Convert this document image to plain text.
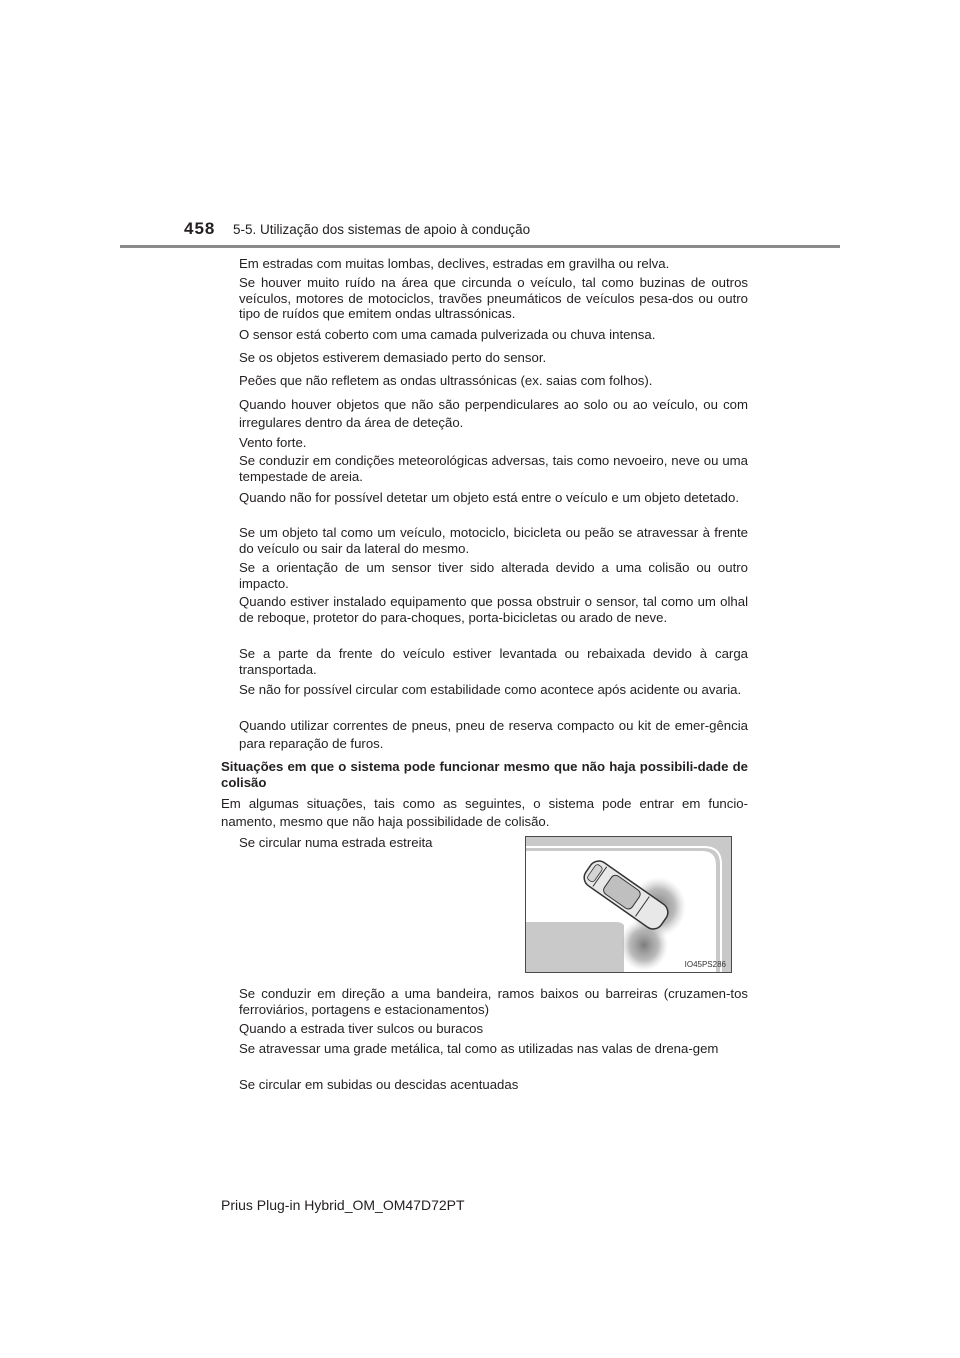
458 5-5. Utilização dos sistemas de apoio à condução

Em estradas com muitas lombas, declives, estradas em gravilha ou relva.

Se houver muito ruído na área que circunda o veículo, tal como buzinas de outros veículos, motores de motociclos, travões pneumáticos de veículos pesa-dos ou outro tipo de ruídos que emitem ondas ultrassónicas.

O sensor está coberto com uma camada pulverizada ou chuva intensa.

Se os objetos estiverem demasiado perto do sensor.

Peões que não refletem as ondas ultrassónicas (ex. saias com folhos).

Quando houver objetos que não são perpendiculares ao solo ou ao veículo, ou com irregulares dentro da área de deteção.

Vento forte.

Se conduzir em condições meteorológicas adversas, tais como nevoeiro, neve ou uma tempestade de areia.

Quando não for possível detetar um objeto está entre o veículo e um objeto detetado.

Se um objeto tal como um veículo, motociclo, bicicleta ou peão se atravessar à frente do veículo ou sair da lateral do mesmo.

Se a orientação de um sensor tiver sido alterada devido a uma colisão ou outro impacto.

Quando estiver instalado equipamento que possa obstruir o sensor, tal como um olhal de reboque, protetor do para-choques, porta-bicicletas ou arado de neve.

Se a parte da frente do veículo estiver levantada ou rebaixada devido à carga transportada.

Se não for possível circular com estabilidade como acontece após acidente ou avaria.

Quando utilizar correntes de pneus, pneu de reserva compacto ou kit de emer-gência para reparação de furos.

Situações em que o sistema pode funcionar mesmo que não haja possibili-dade de colisão

Em algumas situações, tais como as seguintes, o sistema pode entrar em funcio-namento, mesmo que não haja possibilidade de colisão.

Se circular numa estrada estreita

IO45PS286

Se conduzir em direção a uma bandeira, ramos baixos ou barreiras (cruzamen-tos ferroviários, portagens e estacionamentos)

Quando a estrada tiver sulcos ou buracos

Se atravessar uma grade metálica, tal como as utilizadas nas valas de drena-gem

Se circular em subidas ou descidas acentuadas

Prius Plug-in Hybrid_OM_OM47D72PT
